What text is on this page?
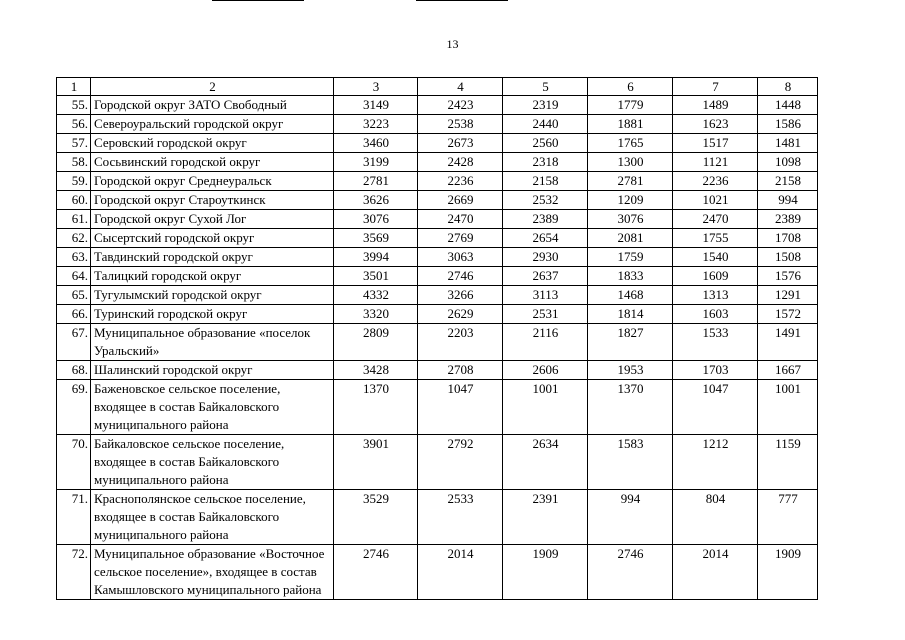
13
1	2	3	4	5	6	7	8
55.	Городской округ ЗАТО Свободный	3149	2423	2319	1779	1489	1448
56.	Североуральский городской округ	3223	2538	2440	1881	1623	1586
57.	Серовский городской округ	3460	2673	2560	1765	1517	1481
58.	Сосьвинский городской округ	3199	2428	2318	1300	1121	1098
59.	Городской округ Среднеуральск	2781	2236	2158	2781	2236	2158
60.	Городской округ Староуткинск	3626	2669	2532	1209	1021	994
61.	Городской округ Сухой Лог	3076	2470	2389	3076	2470	2389
62.	Сысертский городской округ	3569	2769	2654	2081	1755	1708
63.	Тавдинский городской округ	3994	3063	2930	1759	1540	1508
64.	Талицкий городской округ	3501	2746	2637	1833	1609	1576
65.	Тугулымский городской округ	4332	3266	3113	1468	1313	1291
66.	Туринский городской округ	3320	2629	2531	1814	1603	1572
67.	Муниципальное образование «поселок Уральский»	2809	2203	2116	1827	1533	1491
68.	Шалинский городской округ	3428	2708	2606	1953	1703	1667
69.	Баженовское сельское поселение, входящее в состав Байкаловского муниципального района	1370	1047	1001	1370	1047	1001
70.	Байкаловское сельское поселение, входящее в состав Байкаловского муниципального района	3901	2792	2634	1583	1212	1159
71.	Краснополянское сельское поселение, входящее в состав Байкаловского муниципального района	3529	2533	2391	994	804	777
72.	Муниципальное образование «Восточное сельское поселение», входящее в состав Камышловского муниципального района	2746	2014	1909	2746	2014	1909
